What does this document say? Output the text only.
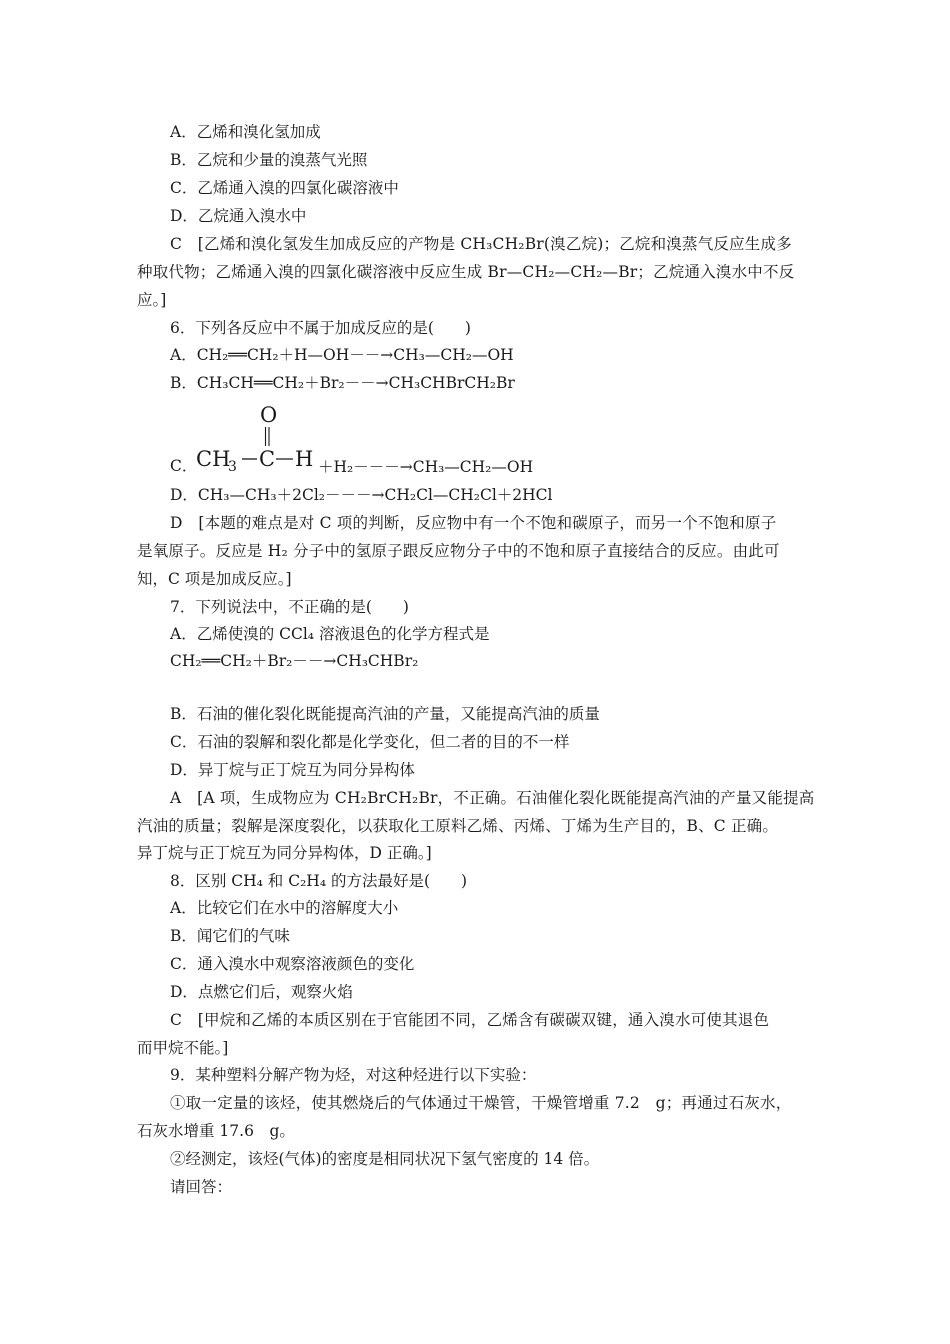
A．乙烯和溴化氢加成
B．乙烷和少量的溴蒸气光照
C．乙烯通入溴的四氯化碳溶液中
D．乙烷通入溴水中
C　[乙烯和溴化氢发生加成反应的产物是 CH₃CH₂Br(溴乙烷)；乙烷和溴蒸气反应生成多
种取代物；乙烯通入溴的四氯化碳溶液中反应生成 Br—CH₂—CH₂—Br；乙烷通入溴水中不反
应。]
6．下列各反应中不属于加成反应的是(　　)
A．CH₂══CH₂＋H—OH－－→CH₃—CH₂—OH
B．CH₃CH══CH₂＋Br₂－－→CH₃CHBrCH₂Br
C．
O
CH
3 C H ＋H₂－－－→CH₃—CH₂—OH
D．CH₃—CH₃＋2Cl₂－－－→CH₂Cl—CH₂Cl＋2HCl
D　[本题的难点是对 C 项的判断，反应物中有一个不饱和碳原子，而另一个不饱和原子
是氧原子。反应是 H₂ 分子中的氢原子跟反应物分子中的不饱和原子直接结合的反应。由此可
知，C 项是加成反应。]
7．下列说法中，不正确的是(　　)
A．乙烯使溴的 CCl₄ 溶液退色的化学方程式是
CH₂══CH₂＋Br₂－－→CH₃CHBr₂
B．石油的催化裂化既能提高汽油的产量，又能提高汽油的质量
C．石油的裂解和裂化都是化学变化，但二者的目的不一样
D．异丁烷与正丁烷互为同分异构体
A　[A 项，生成物应为 CH₂BrCH₂Br，不正确。石油催化裂化既能提高汽油的产量又能提高
汽油的质量；裂解是深度裂化，以获取化工原料乙烯、丙烯、丁烯为生产目的，B、C 正确。
异丁烷与正丁烷互为同分异构体，D 正确。]
8．区别 CH₄ 和 C₂H₄ 的方法最好是(　　)
A．比较它们在水中的溶解度大小
B．闻它们的气味
C．通入溴水中观察溶液颜色的变化
D．点燃它们后，观察火焰
C　[甲烷和乙烯的本质区别在于官能团不同，乙烯含有碳碳双键，通入溴水可使其退色
而甲烷不能。]
9．某种塑料分解产物为烃，对这种烃进行以下实验：
①取一定量的该烃，使其燃烧后的气体通过干燥管，干燥管增重 7.2　g；再通过石灰水，
石灰水增重 17.6　g。
②经测定，该烃(气体)的密度是相同状况下氢气密度的 14 倍。
请回答：
